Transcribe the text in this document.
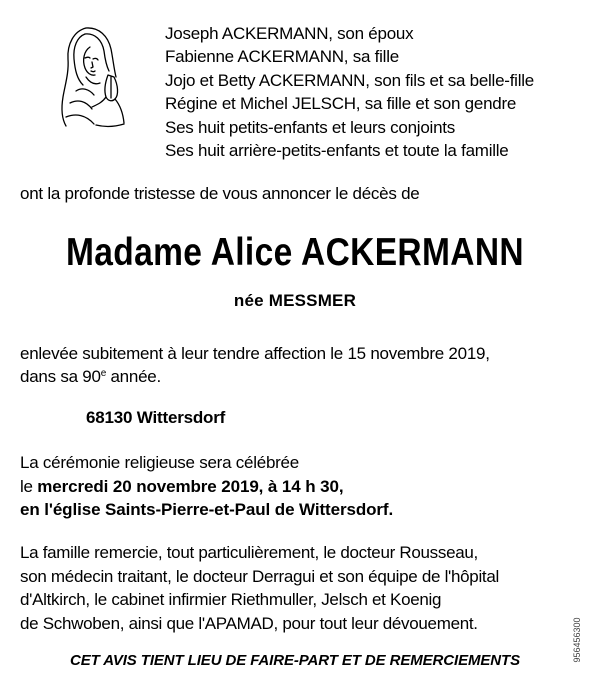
Joseph ACKERMANN, son époux
Fabienne ACKERMANN, sa fille
Jojo et Betty ACKERMANN, son fils et sa belle-fille
Régine et Michel JELSCH, sa fille et son gendre
Ses huit petits-enfants et leurs conjoints
Ses huit arrière-petits-enfants et toute la famille
ont la profonde tristesse de vous annoncer le décès de
Madame Alice ACKERMANN
née MESSMER
enlevée subitement à leur tendre affection le 15 novembre 2019,
dans sa 90e année.
68130 Wittersdorf
La cérémonie religieuse sera célébrée
le mercredi 20 novembre 2019, à 14 h 30,
en l'église Saints-Pierre-et-Paul de Wittersdorf.
La famille remercie, tout particulièrement, le docteur Rousseau,
son médecin traitant, le docteur Derragui et son équipe de l'hôpital
d'Altkirch, le cabinet infirmier Riethmuller, Jelsch et Koenig
de Schwoben, ainsi que l'APAMAD, pour tout leur dévouement.
CET AVIS TIENT LIEU DE FAIRE-PART ET DE REMERCIEMENTS	956456300
